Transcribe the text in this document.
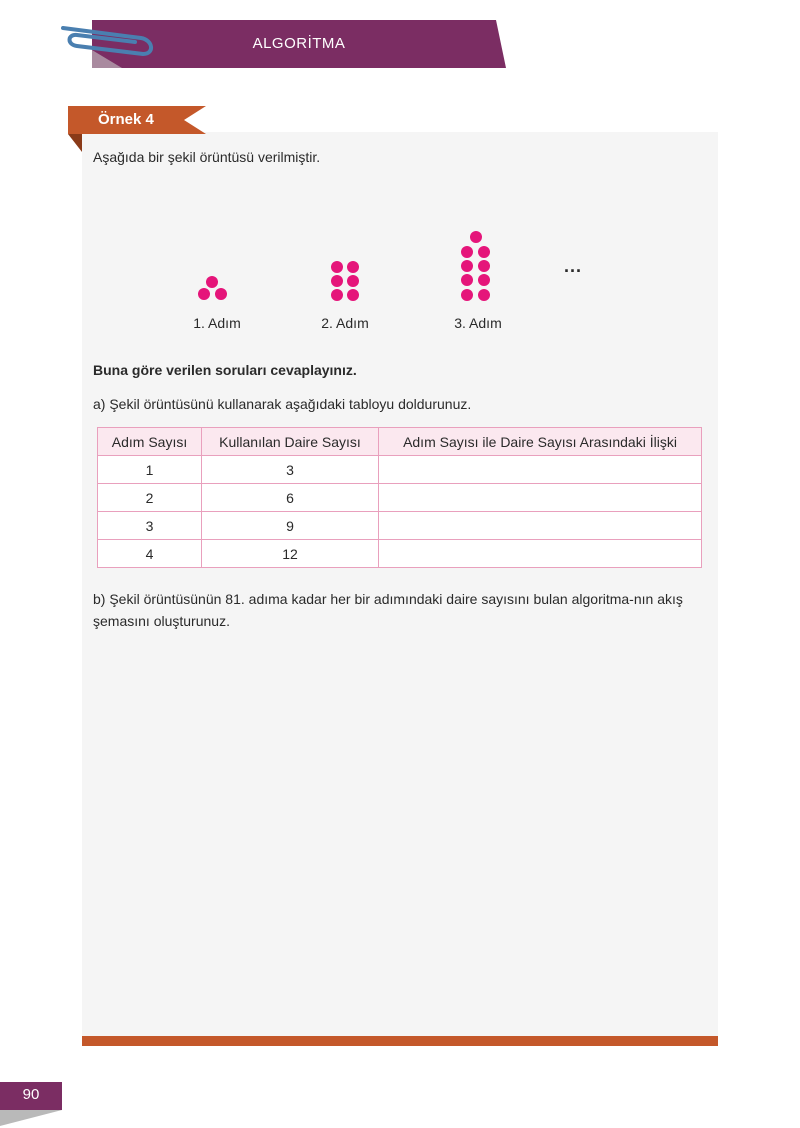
ALGORİTMA
Örnek 4
Aşağıda bir şekil örüntüsü verilmiştir.
1. Adım	2. Adım	3. Adım
...
Buna göre verilen soruları cevaplayınız.
a) Şekil örüntüsünü kullanarak aşağıdaki tabloyu doldurunuz.
Adım Sayısı	Kullanılan Daire Sayısı	Adım Sayısı ile Daire Sayısı Arasındaki İlişki
1	3	
2	6	
3	9	
4	12	
b) Şekil örüntüsünün 81. adıma kadar her bir adımındaki daire sayısını bulan algoritma-nın akış şemasını oluşturunuz.
90
